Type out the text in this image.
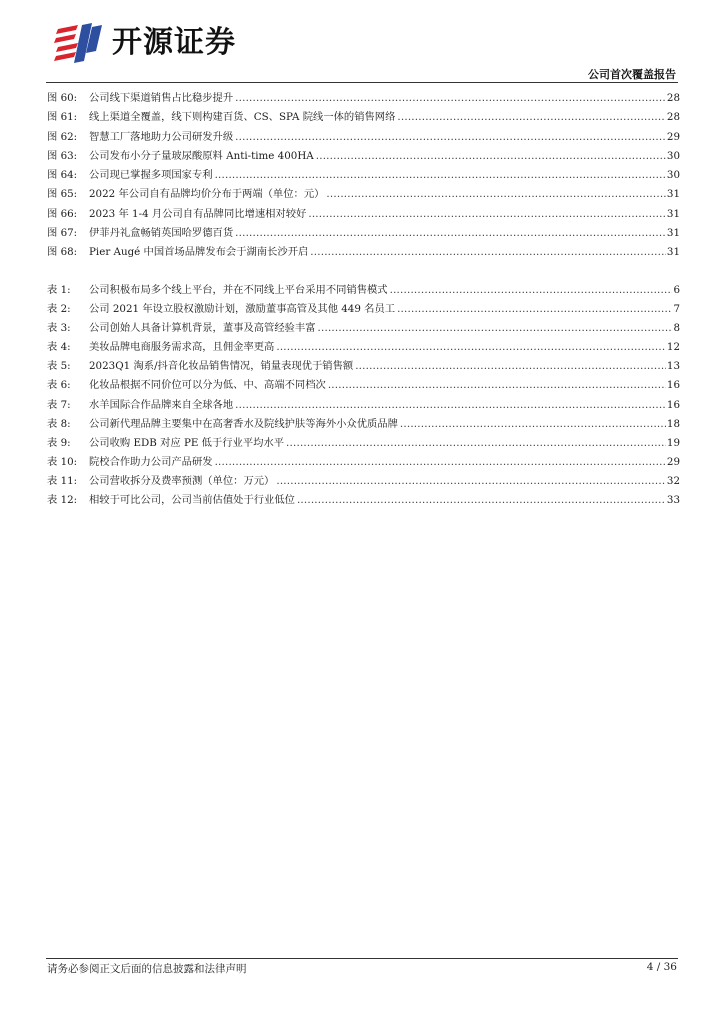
开源证券
公司首次覆盖报告
图 60:	公司线下渠道销售占比稳步提升 .....	28
图 61:	线上渠道全覆盖，线下则构建百货、CS、SPA 院线一体的销售网络 .....	28
图 62:	智慧工厂落地助力公司研发升级 .....	29
图 63:	公司发布小分子量玻尿酸原料 Anti-time 400HA .....	30
图 64:	公司现已掌握多项国家专利 .....	30
图 65:	2022 年公司自有品牌均价分布于两端（单位：元） .....	31
图 66:	2023 年 1-4 月公司自有品牌同比增速相对较好 .....	31
图 67:	伊菲丹礼盒畅销英国哈罗德百货 .....	31
图 68:	Pier Augé 中国首场品牌发布会于湖南长沙开启 .....	31
表 1:	公司积极布局多个线上平台，并在不同线上平台采用不同销售模式 .....	6
表 2:	公司 2021 年设立股权激励计划，激励董事高管及其他 449 名员工 .....	7
表 3:	公司创始人具备计算机背景，董事及高管经验丰富 .....	8
表 4:	美妆品牌电商服务需求高，且佣金率更高 .....	12
表 5:	2023Q1 淘系/抖音化妆品销售情况，销量表现优于销售额 .....	13
表 6:	化妆品根据不同价位可以分为低、中、高端不同档次 .....	16
表 7:	水羊国际合作品牌来自全球各地 .....	16
表 8:	公司新代理品牌主要集中在高奢香水及院线护肤等海外小众优质品牌 .....	18
表 9:	公司收购 EDB 对应 PE 低于行业平均水平 .....	19
表 10:	院校合作助力公司产品研发 .....	29
表 11:	公司营收拆分及费率预测（单位：万元） .....	32
表 12:	相较于可比公司，公司当前估值处于行业低位 .....	33
请务必参阅正文后面的信息披露和法律声明	4 / 36
